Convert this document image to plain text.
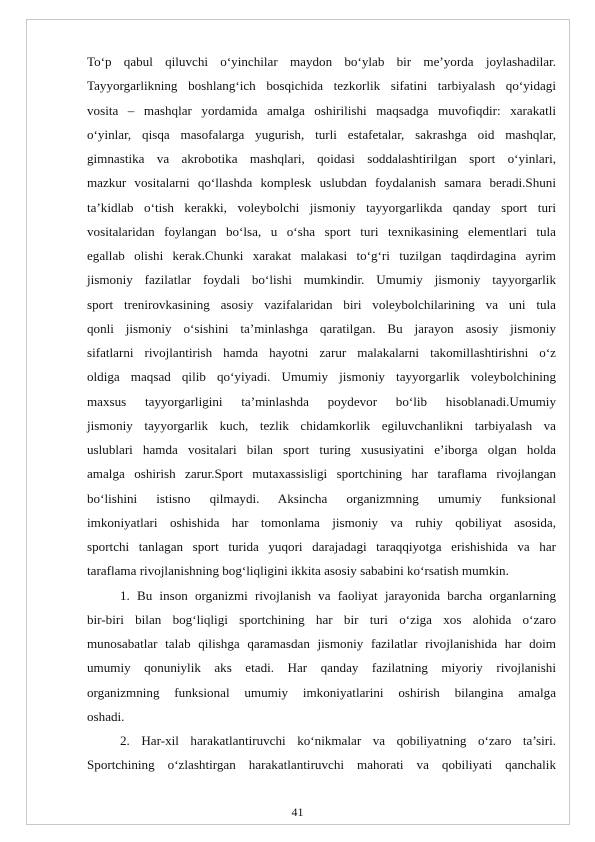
To‘p qabul qiluvchi o‘yinchilar maydon bo‘ylab bir me’yorda joylashadilar.

Tayyorgarlikning boshlang‘ich bosqichida tezkorlik sifatini tarbiyalash qo‘yidagi

vosita – mashqlar yordamida amalga oshirilishi maqsadga muvofiqdir: xarakatli

o‘yinlar, qisqa masofalarga yugurish, turli estafetalar, sakrashga oid mashqlar,

gimnastika va akrobotika mashqlari, qoidasi soddalashtirilgan sport o‘yinlari,

mazkur vositalarni qo‘llashda komplesk uslubdan foydalanish samara beradi.Shuni

ta’kidlab o‘tish kerakki, voleybolchi jismoniy tayyorgarlikda qanday sport turi

vositalaridan foylangan bo‘lsa, u o‘sha sport turi texnikasining elementlari tula

egallab olishi kerak.Chunki xarakat malakasi to‘g‘ri tuzilgan taqdirdagina ayrim

jismoniy fazilatlar foydali bo‘lishi mumkindir. Umumiy jismoniy tayyorgarlik

sport trenirovkasining asosiy vazifalaridan biri voleybolchilarining va uni tula

qonli jismoniy o‘sishini ta’minlashga qaratilgan. Bu jarayon asosiy jismoniy

sifatlarni rivojlantirish hamda hayotni zarur malakalarni takomillashtirishni o‘z

oldiga maqsad qilib qo‘yiyadi. Umumiy jismoniy tayyorgarlik voleybolchining

maxsus tayyorgarligini ta’minlashda poydevor bo‘lib hisoblanadi.Umumiy

jismoniy tayyorgarlik kuch, tezlik chidamkorlik egiluvchanlikni tarbiyalash va

uslublari hamda vositalari bilan sport turing xususiyatini e’iborga olgan holda

amalga oshirish zarur.Sport mutaxassisligi sportchining har taraflama rivojlangan

bo‘lishini istisno qilmaydi. Aksincha organizmning umumiy funksional

imkoniyatlari oshishida har tomonlama jismoniy va ruhiy qobiliyat asosida,

sportchi tanlagan sport turida yuqori darajadagi taraqqiyotga erishishida va har

taraflama rivojlanishning bog‘liqligini ikkita asosiy sababini ko‘rsatish mumkin.

1. Bu inson organizmi rivojlanish va faoliyat jarayonida barcha organlarning

bir-biri bilan bog‘liqligi sportchining har bir turi o‘ziga xos alohida o‘zaro

munosabatlar talab qilishga qaramasdan jismoniy fazilatlar rivojlanishida har doim

umumiy qonuniylik aks etadi. Har qanday fazilatning miyoriy rivojlanishi

organizmning funksional umumiy imkoniyatlarini oshirish bilangina amalga

oshadi.

2. Har-xil harakatlantiruvchi ko‘nikmalar va qobiliyatning o‘zaro ta’siri.

Sportchining o‘zlashtirgan harakatlantiruvchi mahorati va qobiliyati qanchalik

41
